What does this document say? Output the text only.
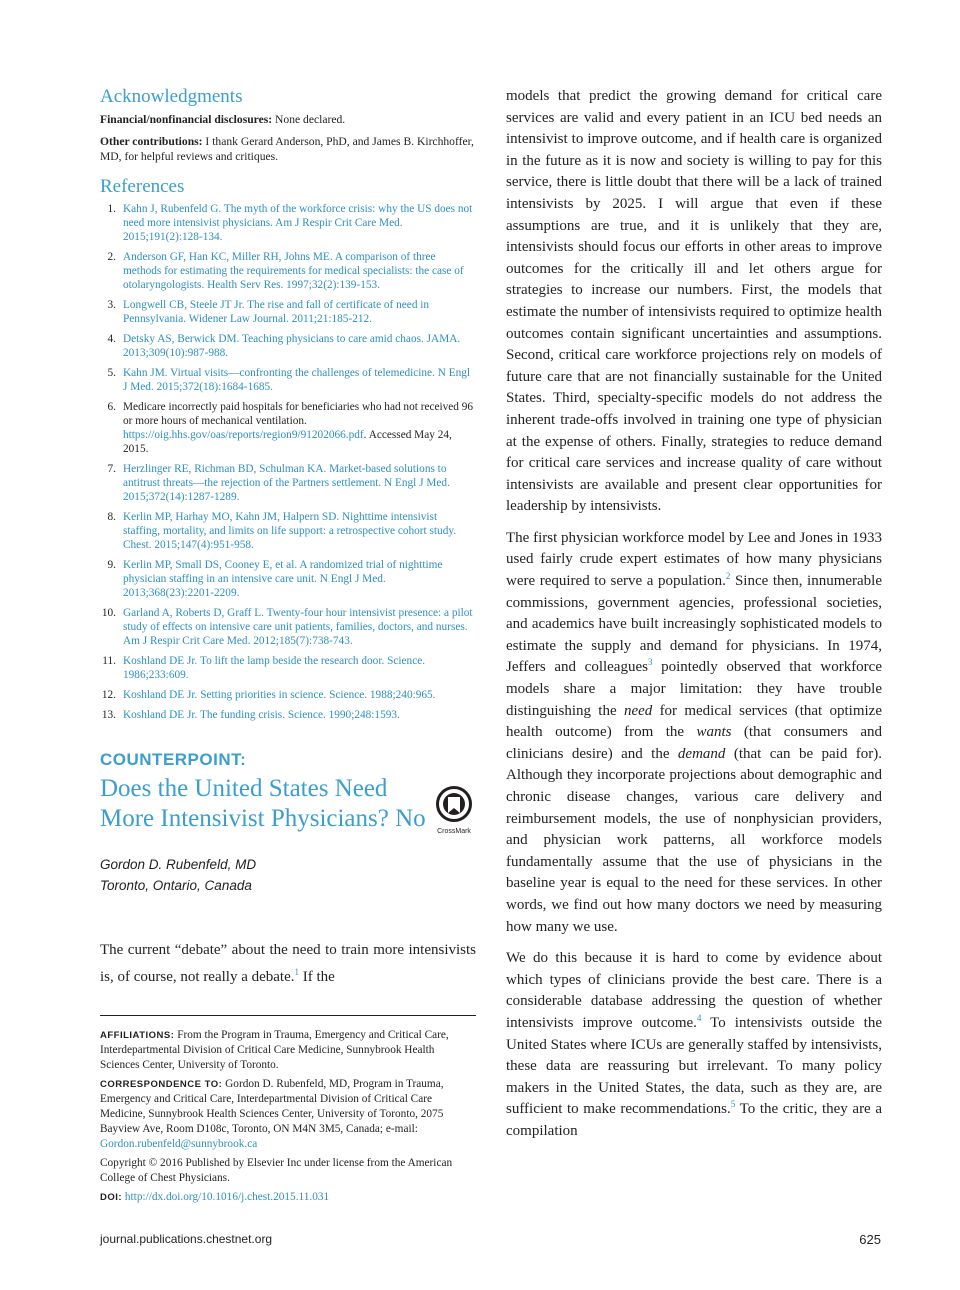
Acknowledgments

Financial/nonfinancial disclosures: None declared.

Other contributions: I thank Gerard Anderson, PhD, and James B. Kirchhoffer, MD, for helpful reviews and critiques.

References
1. Kahn J, Rubenfeld G. The myth of the workforce crisis: why the US does not need more intensivist physicians. Am J Respir Crit Care Med. 2015;191(2):128-134.
2. Anderson GF, Han KC, Miller RH, Johns ME. A comparison of three methods for estimating the requirements for medical specialists: the case of otolaryngologists. Health Serv Res. 1997;32(2):139-153.
3. Longwell CB, Steele JT Jr. The rise and fall of certificate of need in Pennsylvania. Widener Law Journal. 2011;21:185-212.
4. Detsky AS, Berwick DM. Teaching physicians to care amid chaos. JAMA. 2013;309(10):987-988.
5. Kahn JM. Virtual visits—confronting the challenges of telemedicine. N Engl J Med. 2015;372(18):1684-1685.
6. Medicare incorrectly paid hospitals for beneficiaries who had not received 96 or more hours of mechanical ventilation. https://oig.hhs.gov/oas/reports/region9/91202066.pdf. Accessed May 24, 2015.
7. Herzlinger RE, Richman BD, Schulman KA. Market-based solutions to antitrust threats—the rejection of the Partners settlement. N Engl J Med. 2015;372(14):1287-1289.
8. Kerlin MP, Harhay MO, Kahn JM, Halpern SD. Nighttime intensivist staffing, mortality, and limits on life support: a retrospective cohort study. Chest. 2015;147(4):951-958.
9. Kerlin MP, Small DS, Cooney E, et al. A randomized trial of nighttime physician staffing in an intensive care unit. N Engl J Med. 2013;368(23):2201-2209.
10. Garland A, Roberts D, Graff L. Twenty-four hour intensivist presence: a pilot study of effects on intensive care unit patients, families, doctors, and nurses. Am J Respir Crit Care Med. 2012;185(7):738-743.
11. Koshland DE Jr. To lift the lamp beside the research door. Science. 1986;233:609.
12. Koshland DE Jr. Setting priorities in science. Science. 1988;240:965.
13. Koshland DE Jr. The funding crisis. Science. 1990;248:1593.
COUNTERPOINT:
Does the United States Need More Intensivist Physicians? No	CrossMark
Gordon D. Rubenfeld, MD
Toronto, Ontario, Canada
The current “debate” about the need to train more intensivists is, of course, not really a debate.$^1$ If the

AFFILIATIONS: From the Program in Trauma, Emergency and Critical Care, Interdepartmental Division of Critical Care Medicine, Sunnybrook Health Sciences Center, University of Toronto.

CORRESPONDENCE TO: Gordon D. Rubenfeld, MD, Program in Trauma, Emergency and Critical Care, Interdepartmental Division of Critical Care Medicine, Sunnybrook Health Sciences Center, University of Toronto, 2075 Bayview Ave, Room D108c, Toronto, ON M4N 3M5, Canada; e-mail: Gordon.rubenfeld@sunnybrook.ca

Copyright © 2016 Published by Elsevier Inc under license from the American College of Chest Physicians.

DOI: http://dx.doi.org/10.1016/j.chest.2015.11.031

models that predict the growing demand for critical care services are valid and every patient in an ICU bed needs an intensivist to improve outcome, and if health care is organized in the future as it is now and society is willing to pay for this service, there is little doubt that there will be a lack of trained intensivists by 2025. I will argue that even if these assumptions are true, and it is unlikely that they are, intensivists should focus our efforts in other areas to improve outcomes for the critically ill and let others argue for strategies to increase our numbers. First, the models that estimate the number of intensivists required to optimize health outcomes contain significant uncertainties and assumptions. Second, critical care workforce projections rely on models of future care that are not financially sustainable for the United States. Third, specialty-specific models do not address the inherent trade-offs involved in training one type of physician at the expense of others. Finally, strategies to reduce demand for critical care services and increase quality of care without intensivists are available and present clear opportunities for leadership by intensivists.

The first physician workforce model by Lee and Jones in 1933 used fairly crude expert estimates of how many physicians were required to serve a population.$^2$ Since then, innumerable commissions, government agencies, professional societies, and academics have built increasingly sophisticated models to estimate the supply and demand for physicians. In 1974, Jeffers and colleagues$^3$ pointedly observed that workforce models share a major limitation: they have trouble distinguishing the need for medical services (that optimize health outcome) from the wants (that consumers and clinicians desire) and the demand (that can be paid for). Although they incorporate projections about demographic and chronic disease changes, various care delivery and reimbursement models, the use of nonphysician providers, and physician work patterns, all workforce models fundamentally assume that the use of physicians in the baseline year is equal to the need for these services. In other words, we find out how many doctors we need by measuring how many we use.

We do this because it is hard to come by evidence about which types of clinicians provide the best care. There is a considerable database addressing the question of whether intensivists improve outcome.$^4$ To intensivists outside the United States where ICUs are generally staffed by intensivists, these data are reassuring but irrelevant. To many policy makers in the United States, the data, such as they are, are sufficient to make recommendations.$^5$ To the critic, they are a compilation

journal.publications.chestnet.org	625
